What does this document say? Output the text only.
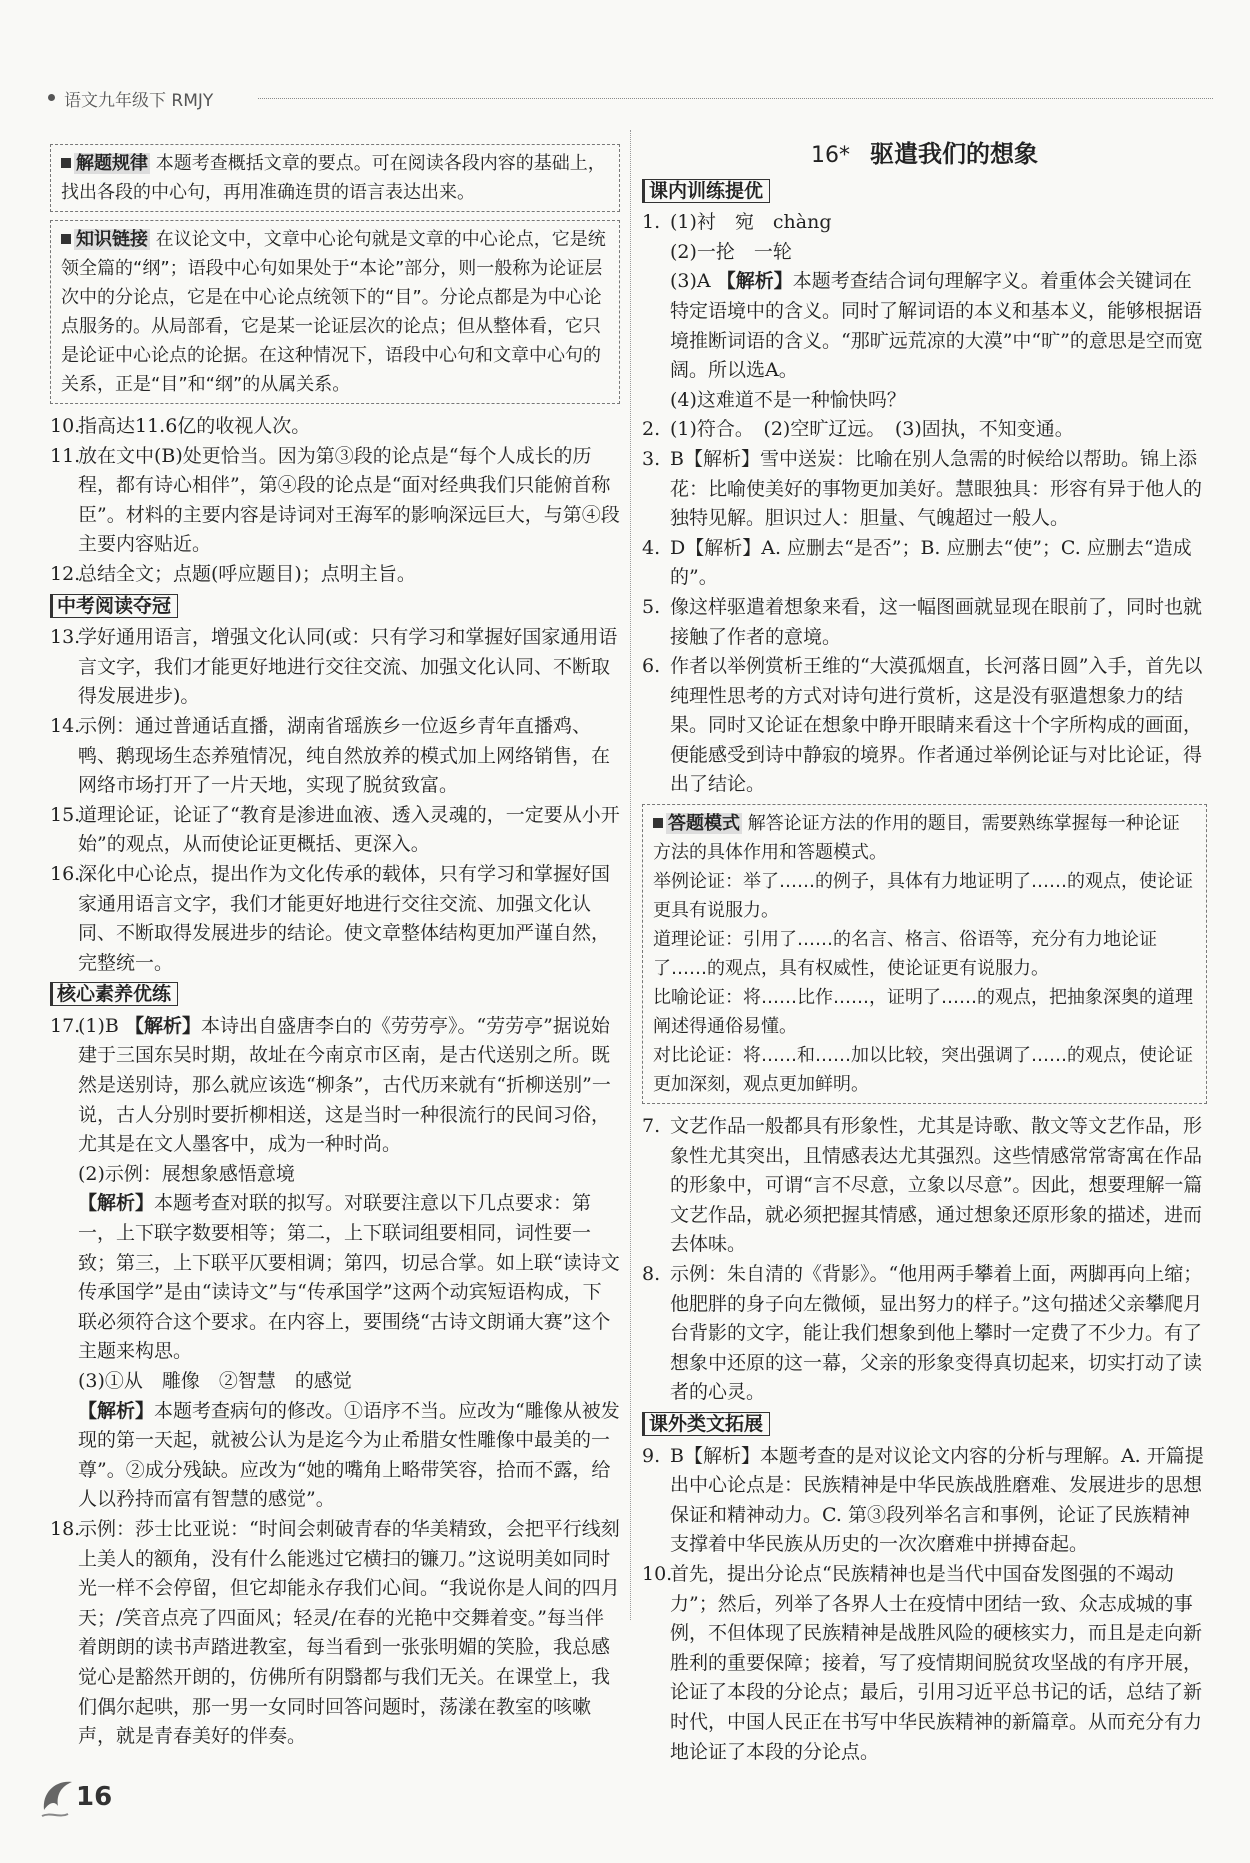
语文九年级下 RMJY
解题规律 本题考查概括文章的要点。可在阅读各段内容的基础上，找出各段的中心句，再用准确连贯的语言表达出来。
知识链接 在议论文中，文章中心论句就是文章的中心论点，它是统领全篇的“纲”；语段中心句如果处于“本论”部分，则一般称为论证层次中的分论点，它是在中心论点统领下的“目”。分论点都是为中心论点服务的。从局部看，它是某一论证层次的论点；但从整体看，它只是论证中心论点的论据。在这种情况下，语段中心句和文章中心句的关系，正是“目”和“纲”的从属关系。
10.
指高达11.6亿的收视人次。
11.
放在文中(B)处更恰当。因为第③段的论点是“每个人成长的历程，都有诗心相伴”，第④段的论点是“面对经典我们只能俯首称臣”。材料的主要内容是诗词对王海军的影响深远巨大，与第④段主要内容贴近。
12.
总结全文；点题(呼应题目)；点明主旨。
中考阅读夺冠
13.
学好通用语言，增强文化认同(或：只有学习和掌握好国家通用语言文字，我们才能更好地进行交往交流、加强文化认同、不断取得发展进步)。
14.
示例：通过普通话直播，湖南省瑶族乡一位返乡青年直播鸡、鸭、鹅现场生态养殖情况，纯自然放养的模式加上网络销售，在网络市场打开了一片天地，实现了脱贫致富。
15.
道理论证，论证了“教育是渗进血液、透入灵魂的，一定要从小开始”的观点，从而使论证更概括、更深入。
16.
深化中心论点，提出作为文化传承的载体，只有学习和掌握好国家通用语言文字，我们才能更好地进行交往交流、加强文化认同、不断取得发展进步的结论。使文章整体结构更加严谨自然，完整统一。
核心素养优练
17.
(1)B 【解析】本诗出自盛唐李白的《劳劳亭》。“劳劳亭”据说始建于三国东吴时期，故址在今南京市区南，是古代送别之所。既然是送别诗，那么就应该选“柳条”，古代历来就有“折柳送别”一说，古人分别时要折柳相送，这是当时一种很流行的民间习俗，尤其是在文人墨客中，成为一种时尚。
(2)示例：展想象感悟意境
【解析】本题考查对联的拟写。对联要注意以下几点要求：第一，上下联字数要相等；第二，上下联词组要相同，词性要一致；第三，上下联平仄要相调；第四，切忌合掌。如上联“读诗文传承国学”是由“读诗文”与“传承国学”这两个动宾短语构成，下联必须符合这个要求。在内容上，要围绕“古诗文朗诵大赛”这个主题来构思。
(3)①从　雕像　②智慧　的感觉
【解析】本题考查病句的修改。①语序不当。应改为“雕像从被发现的第一天起，就被公认为是迄今为止希腊女性雕像中最美的一尊”。②成分残缺。应改为“她的嘴角上略带笑容，拾而不露，给人以矜持而富有智慧的感觉”。
18.
示例：莎士比亚说：“时间会刺破青春的华美精致，会把平行线刻上美人的额角，没有什么能逃过它横扫的镰刀。”这说明美如同时光一样不会停留，但它却能永存我们心间。“我说你是人间的四月天；/笑音点亮了四面风；轻灵/在春的光艳中交舞着变。”每当伴着朗朗的读书声踏进教室，每当看到一张张明媚的笑脸，我总感觉心是豁然开朗的，仿佛所有阴翳都与我们无关。在课堂上，我们偶尔起哄，那一男一女同时回答问题时，荡漾在教室的咳嗽声，就是青春美好的伴奏。
16* 驱遣我们的想象
课内训练提优
1. (1)衬　宛　chàng
(2)一抡　一轮
(3)A 【解析】本题考查结合词句理解字义。着重体会关键词在特定语境中的含义。同时了解词语的本义和基本义，能够根据语境推断词语的含义。“那旷远荒凉的大漠”中“旷”的意思是空而宽阔。所以选A。
(4)这难道不是一种愉快吗？
2. (1)符合。　(2)空旷辽远。　(3)固执，不知变通。
3. B【解析】雪中送炭：比喻在别人急需的时候给以帮助。锦上添花：比喻使美好的事物更加美好。慧眼独具：形容有异于他人的独特见解。胆识过人：胆量、气魄超过一般人。
4. D【解析】A. 应删去“是否”；B. 应删去“使”；C. 应删去“造成的”。
5. 像这样驱遣着想象来看，这一幅图画就显现在眼前了，同时也就接触了作者的意境。
6. 作者以举例赏析王维的“大漠孤烟直，长河落日圆”入手，首先以纯理性思考的方式对诗句进行赏析，这是没有驱遣想象力的结果。同时又论证在想象中睁开眼睛来看这十个字所构成的画面，便能感受到诗中静寂的境界。作者通过举例论证与对比论证，得出了结论。
答题模式 解答论证方法的作用的题目，需要熟练掌握每一种论证方法的具体作用和答题模式。
举例论证：举了……的例子，具体有力地证明了……的观点，使论证更具有说服力。
道理论证：引用了……的名言、格言、俗语等，充分有力地论证了……的观点，具有权威性，使论证更有说服力。
比喻论证：将……比作……，证明了……的观点，把抽象深奥的道理阐述得通俗易懂。
对比论证：将……和……加以比较，突出强调了……的观点，使论证更加深刻，观点更加鲜明。
7. 文艺作品一般都具有形象性，尤其是诗歌、散文等文艺作品，形象性尤其突出，且情感表达尤其强烈。这些情感常常寄寓在作品的形象中，可谓“言不尽意，立象以尽意”。因此，想要理解一篇文艺作品，就必须把握其情感，通过想象还原形象的描述，进而去体味。
8. 示例：朱自清的《背影》。“他用两手攀着上面，两脚再向上缩；他肥胖的身子向左微倾，显出努力的样子。”这句描述父亲攀爬月台背影的文字，能让我们想象到他上攀时一定费了不少力。有了想象中还原的这一幕，父亲的形象变得真切起来，切实打动了读者的心灵。
课外类文拓展
9. B【解析】本题考查的是对议论文内容的分析与理解。A. 开篇提出中心论点是：民族精神是中华民族战胜磨难、发展进步的思想保证和精神动力。C. 第③段列举名言和事例，论证了民族精神支撑着中华民族从历史的一次次磨难中拼搏奋起。
10.
首先，提出分论点“民族精神也是当代中国奋发图强的不竭动力”；然后，列举了各界人士在疫情中团结一致、众志成城的事例，不但体现了民族精神是战胜风险的硬核实力，而且是走向新胜利的重要保障；接着，写了疫情期间脱贫攻坚战的有序开展，论证了本段的分论点；最后，引用习近平总书记的话，总结了新时代，中国人民正在书写中华民族精神的新篇章。从而充分有力地论证了本段的分论点。
16
